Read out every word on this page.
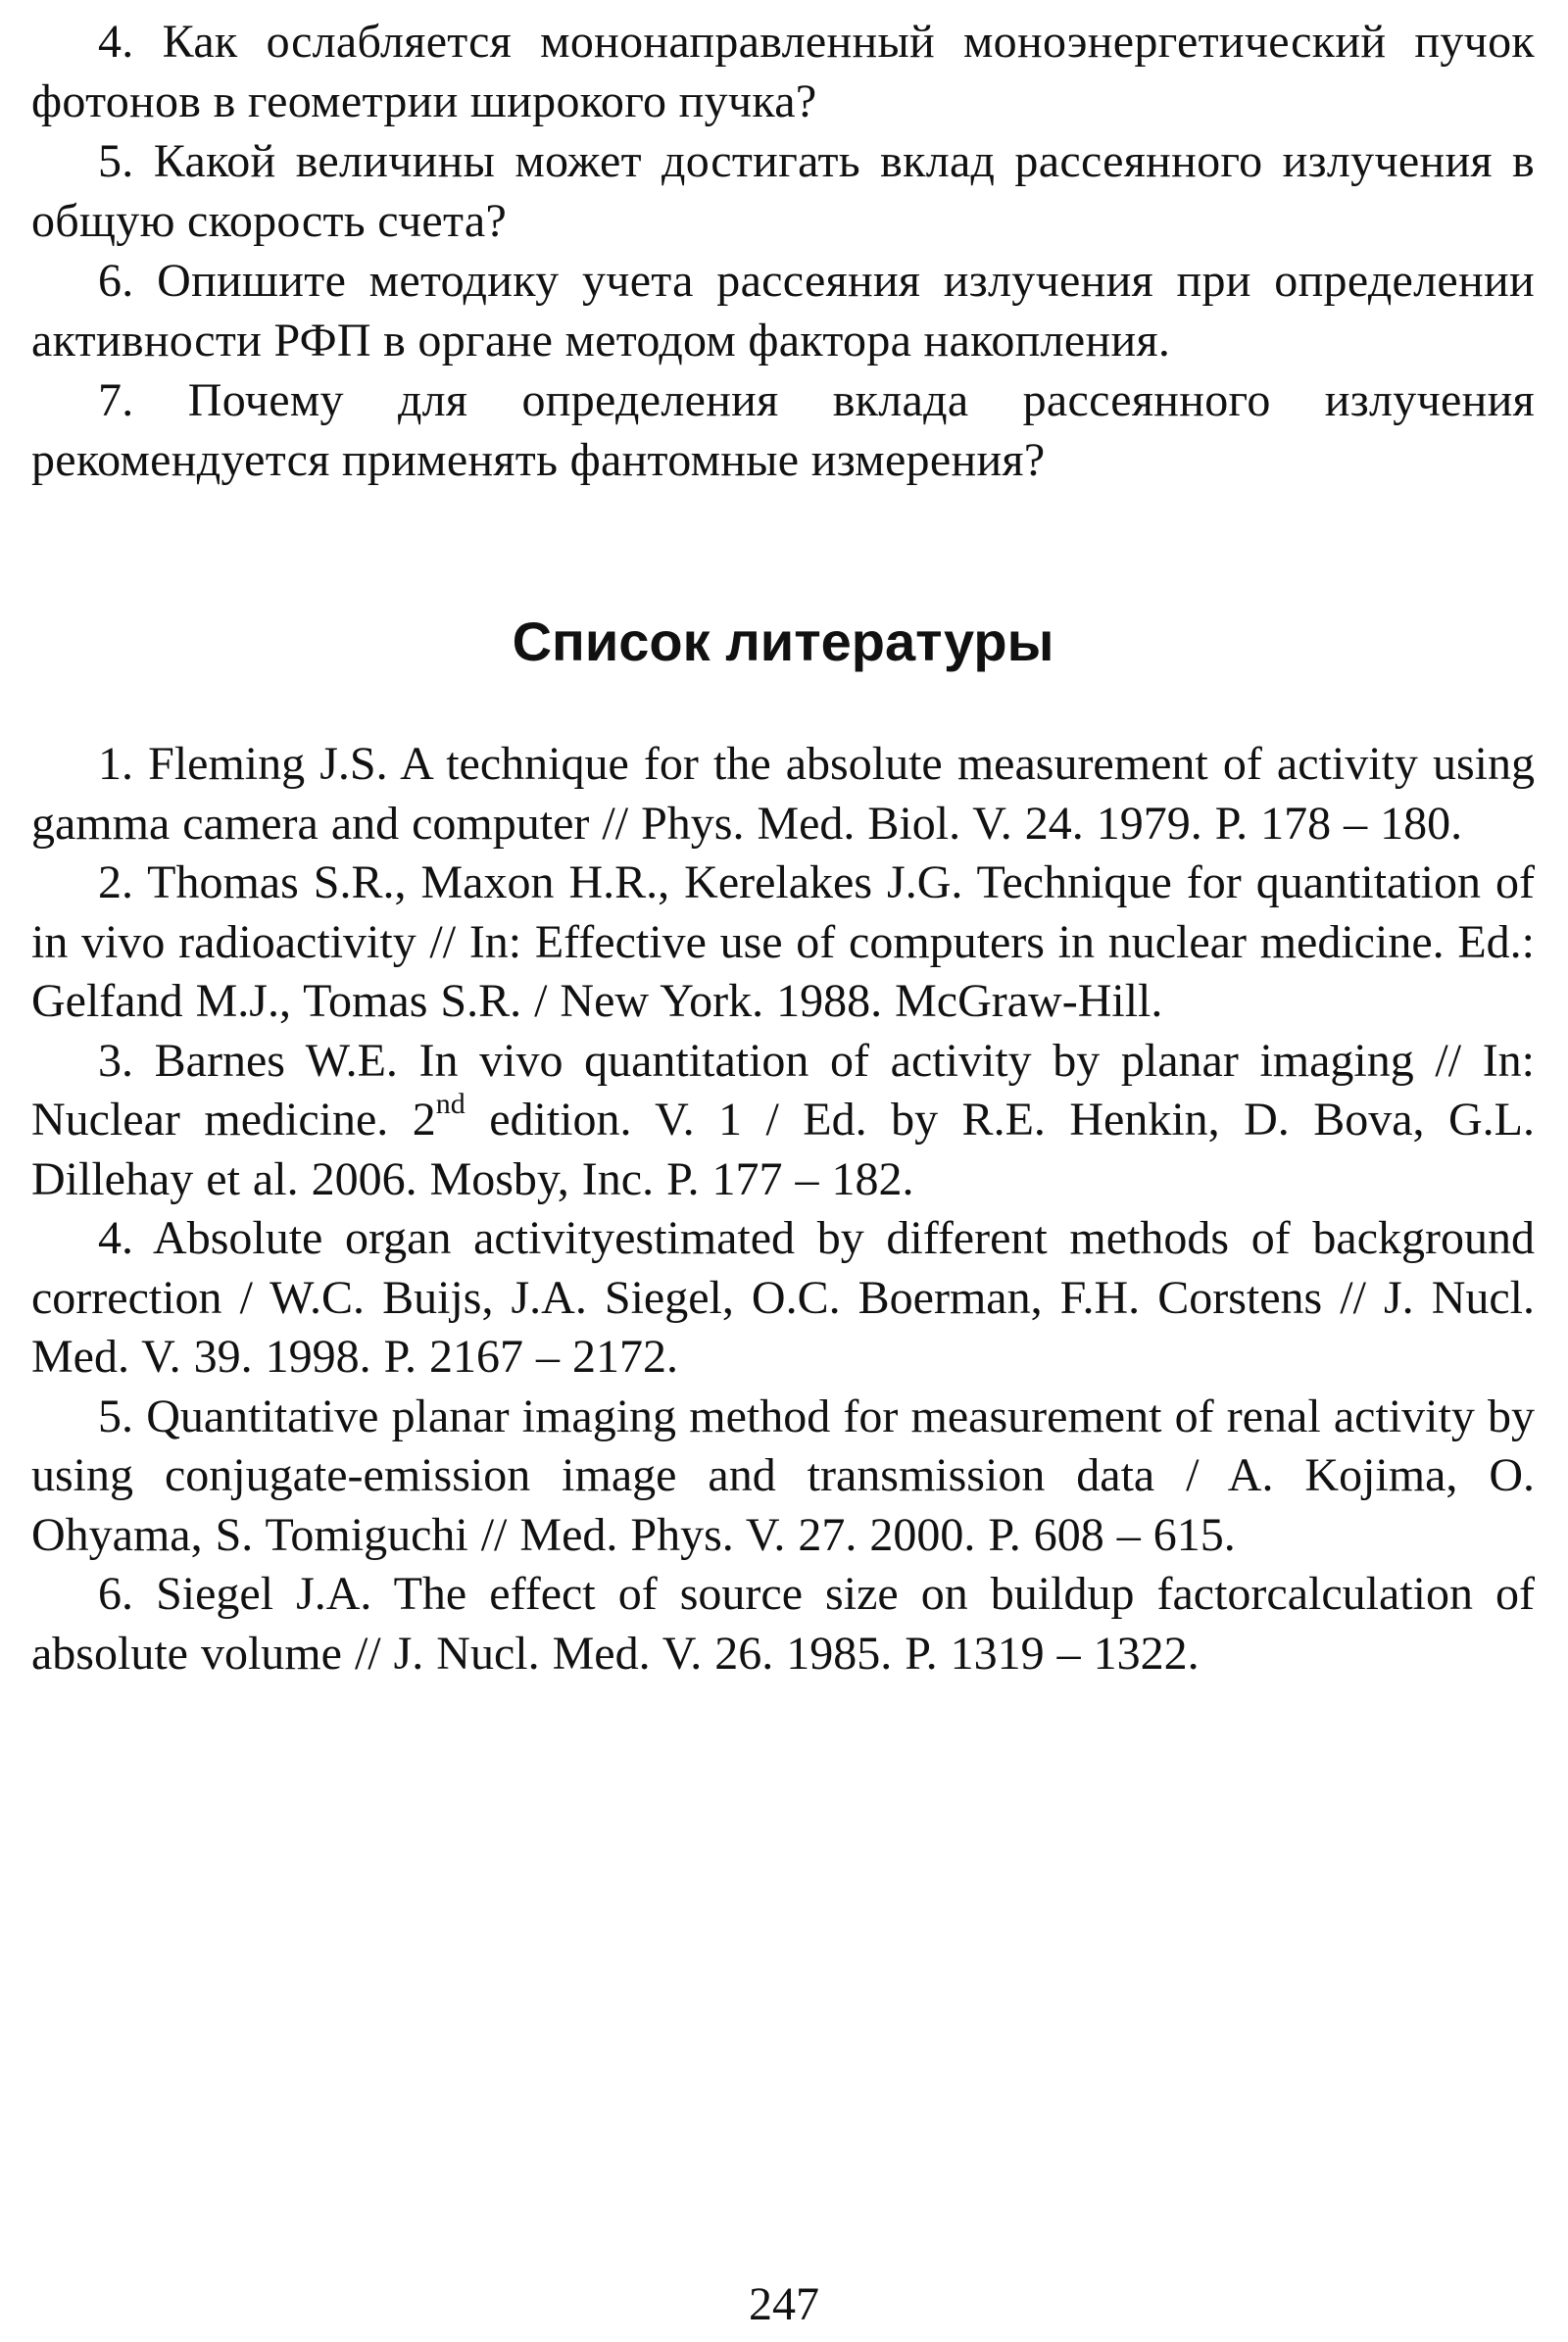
4. Как ослабляется мононаправленный моноэнергетический пучок фотонов в геометрии широкого пучка?

5. Какой величины может достигать вклад рассеянного излучения в общую скорость счета?

6. Опишите методику учета рассеяния излучения при определении активности РФП в органе методом фактора накопления.

7. Почему для определения вклада рассеянного излучения рекомендуется применять фантомные измерения?

Список литературы

1. Fleming J.S. A technique for the absolute measurement of activity using gamma camera and computer // Phys. Med. Biol. V. 24. 1979. P. 178 – 180.

2. Thomas S.R., Maxon H.R., Kerelakes J.G. Technique for quantitation of in vivo radioactivity // In: Effective use of computers in nuclear medicine. Ed.: Gelfand M.J., Tomas S.R. / New York. 1988. McGraw-Hill.

3. Barnes W.E. In vivo quantitation of activity by planar imaging // In: Nuclear medicine. 2nd edition. V. 1 / Ed. by R.E. Henkin, D. Bova, G.L. Dillehay et al. 2006. Mosby, Inc. P. 177 – 182.

4. Absolute organ activityestimated by different methods of background correction / W.C. Buijs, J.A. Siegel, O.C. Boerman, F.H. Corstens // J. Nucl. Med. V. 39. 1998. P. 2167 – 2172.

5. Quantitative planar imaging method for measurement of renal activity by using conjugate-emission image and transmission data / A. Kojima, O. Ohyama, S. Tomiguchi // Med. Phys. V. 27. 2000. P. 608 – 615.

6. Siegel J.A. The effect of source size on buildup factorcalculation of absolute volume // J. Nucl. Med. V. 26. 1985. P. 1319 – 1322.

247
